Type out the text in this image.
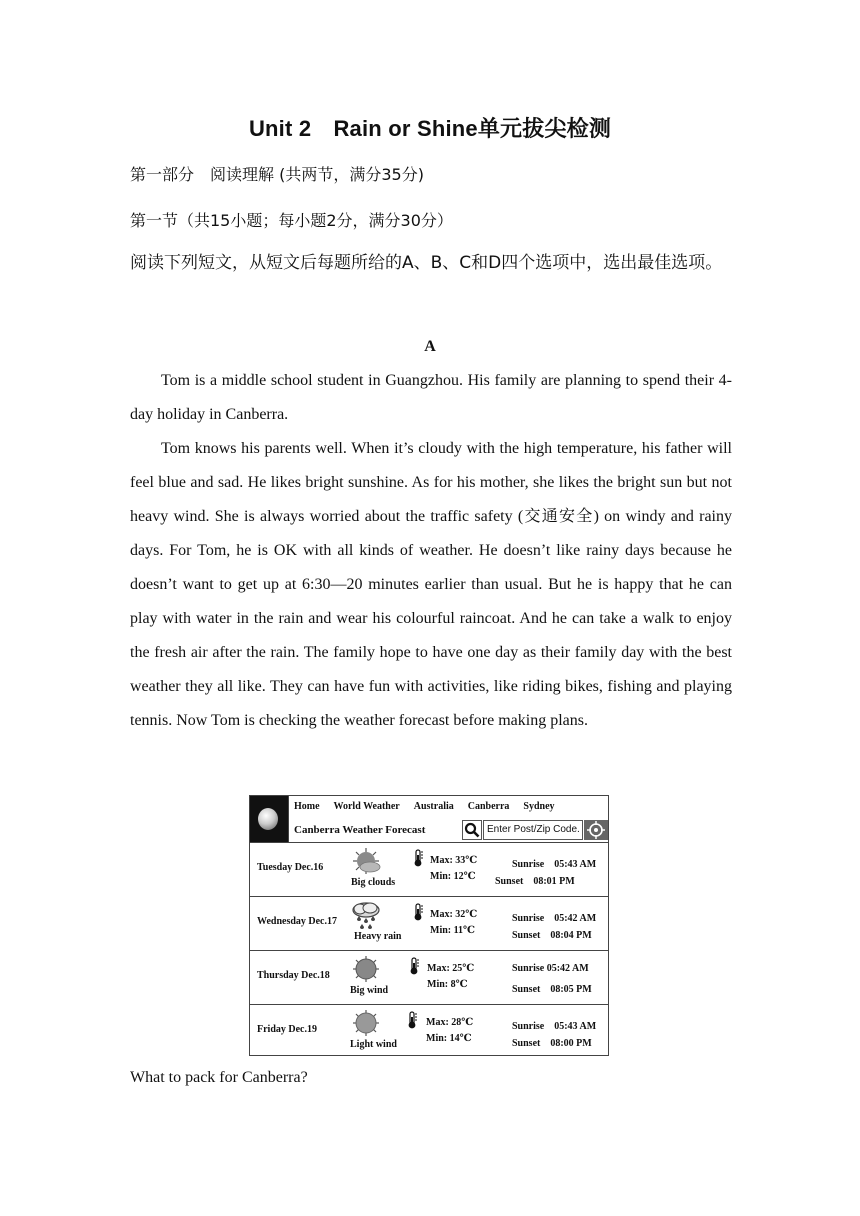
Unit 2　Rain or Shine单元拔尖检测
第一部分　阅读理解 (共两节，满分35分)
第一节（共15小题；每小题2分，满分30分）
阅读下列短文，从短文后每题所给的A、B、C和D四个选项中，选出最佳选项。
A

Tom is a middle school student in Guangzhou. His family are planning to spend their 4-day holiday in Canberra.

Tom knows his parents well. When it’s cloudy with the high temperature, his father will feel blue and sad. He likes bright sunshine. As for his mother, she likes the bright sun but not heavy wind. She is always worried about the traffic safety (交通安全) on windy and rainy days. For Tom, he is OK with all kinds of weather. He doesn’t like rainy days because he doesn’t want to get up at 6:30—20 minutes earlier than usual. But he is happy that he can play with water in the rain and wear his colourful raincoat. And he can take a walk to enjoy the fresh air after the rain. The family hope to have one day as their family day with the best weather they all like. They can have fun with activities, like riding bikes, fishing and playing tennis. Now Tom is checking the weather forecast before making plans.

Home World Weather Australia Canberra Sydney
Canberra Weather Forecast	Enter Post/Zip Code.
Tuesday Dec.16
Big clouds
Max: 33℃
Min: 12℃
Sunrise　05:43 AM
Sunset　08:01 PM
Wednesday Dec.17
Heavy rain
Max: 32℃
Min: 11℃
Sunrise　05:42 AM
Sunset　08:04 PM
Thursday Dec.18
Big wind
Max: 25℃
Min: 8℃
Sunrise 05:42 AM
Sunset　08:05 PM
Friday Dec.19
Light wind
Max: 28℃
Min: 14℃
Sunrise　05:43 AM
Sunset　08:00 PM
What to pack for Canberra?
